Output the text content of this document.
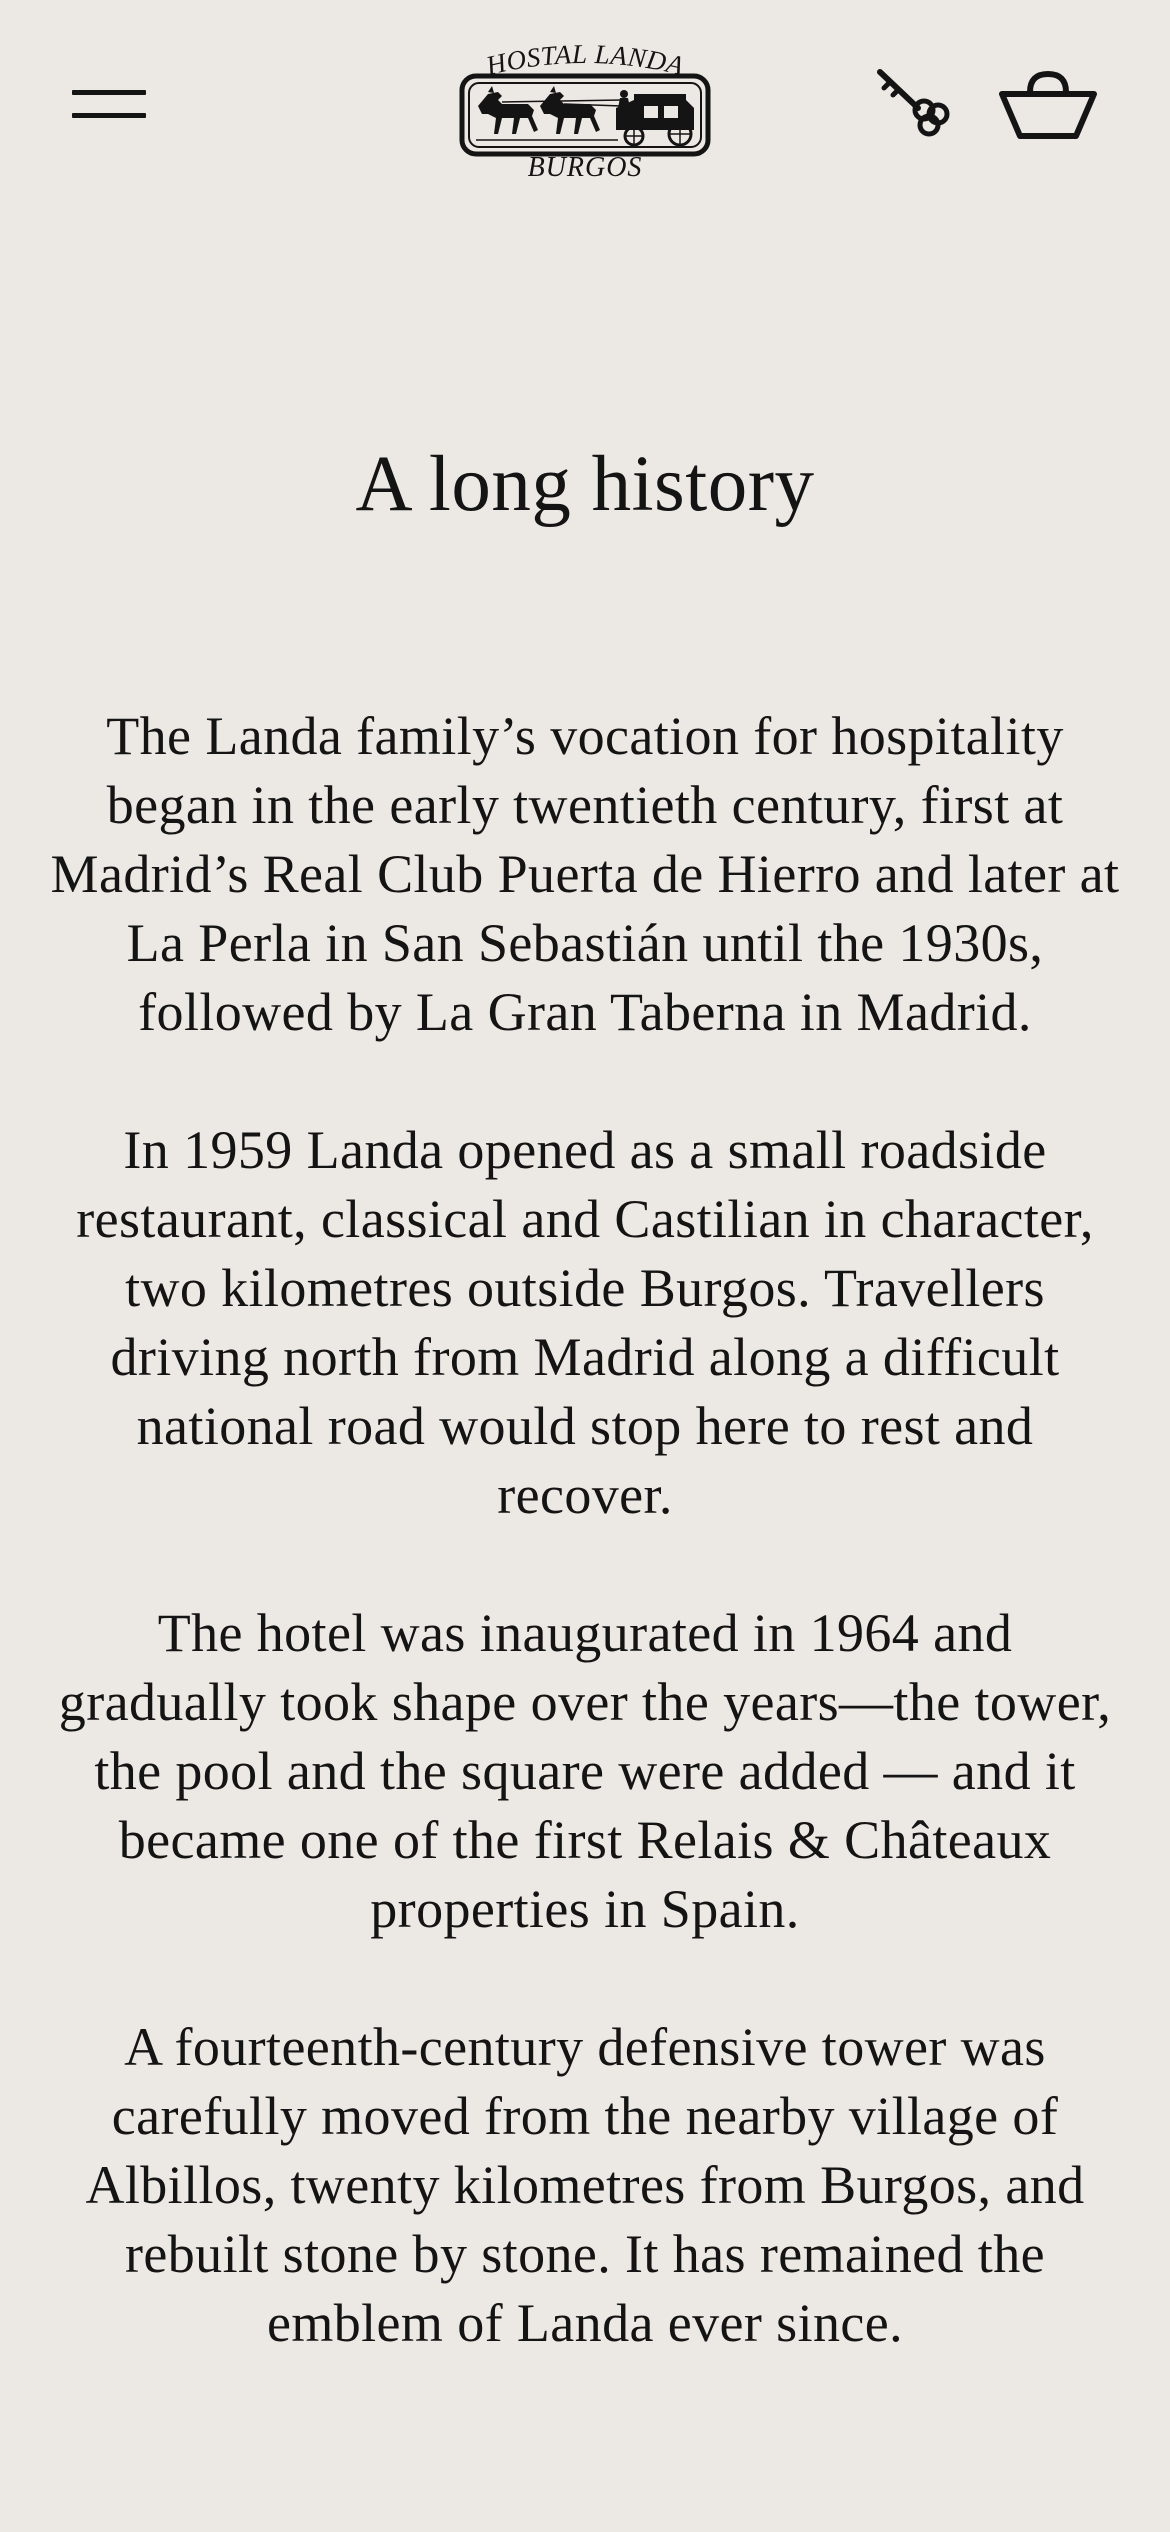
HOSTAL LANDA
BURGOS
A long history

The Landa family’s vocation for hospitality began in the early twentieth century, first at Madrid’s Real Club Puerta de Hierro and later at La Perla in San Sebastián until the 1930s, followed by La Gran Taberna in Madrid.

In 1959 Landa opened as a small roadside restaurant, classical and Castilian in character, two kilometres outside Burgos. Travellers driving north from Madrid along a difficult national road would stop here to rest and recover.

The hotel was inaugurated in 1964 and gradually took shape over the years—the tower, the pool and the square were added — and it became one of the first Relais & Châteaux properties in Spain.

A fourteenth-century defensive tower was carefully moved from the nearby village of Albillos, twenty kilometres from Burgos, and rebuilt stone by stone. It has remained the emblem of Landa ever since.
